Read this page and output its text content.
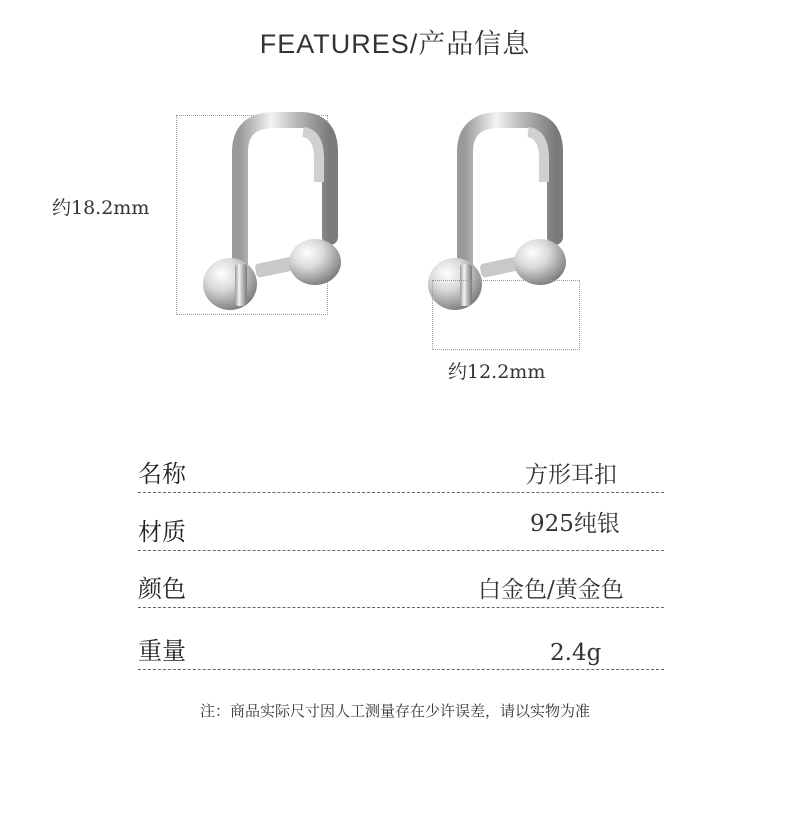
FEATURES/产品信息
约18.2mm
约12.2mm
名称	方形耳扣
材质	925纯银
颜色	白金色/黄金色
重量	2.4g
注：商品实际尺寸因人工测量存在少许误差，请以实物为准
